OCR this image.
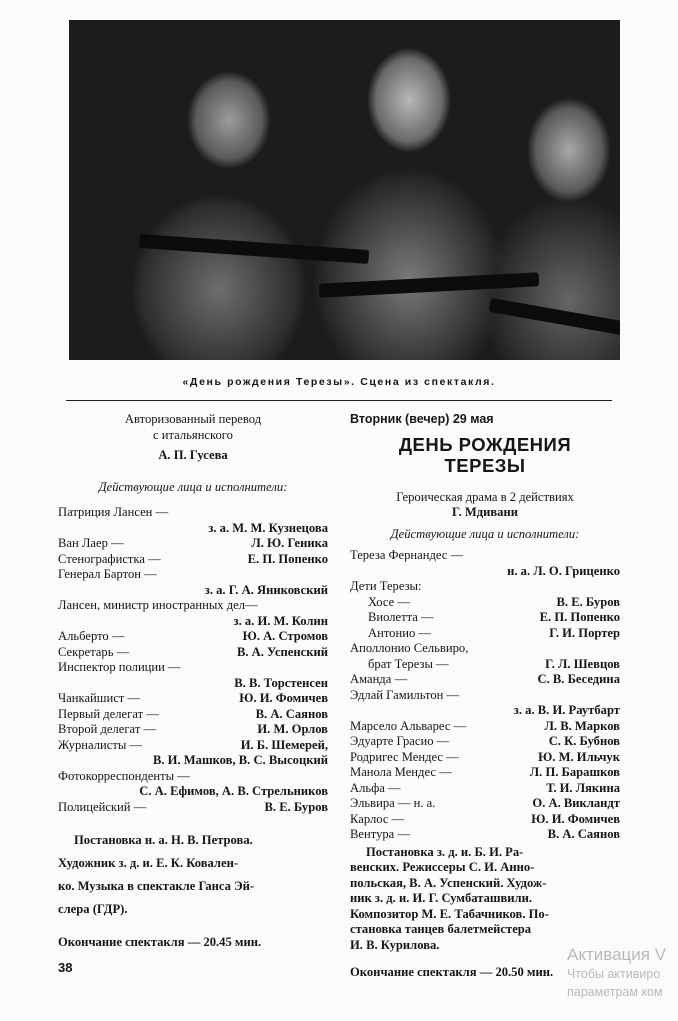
«День рождения Терезы». Сцена из спектакля.
Авторизованный перевод
с итальянского
А. П. Гусева
Действующие лица и исполнители:
Патриция Лансен —
з. а. М. М. Кузнецова
Ван Лаер —	Л. Ю. Геника
Стенографистка —	Е. П. Попенко
Генерал Бартон —
з. а. Г. А. Яниковский
Лансен, министр иностранных дел—
з. а. И. М. Колин
Альберто —	Ю. А. Стромов
Секретарь —	В. А. Успенский
Инспектор полиции —
В. В. Торстенсен
Чанкайшист —	Ю. И. Фомичев
Первый делегат —	В. А. Саянов
Второй делегат —	И. М. Орлов
Журналисты —	И. Б. Шемерей,
В. И. Машков, В. С. Высоцкий
Фотокорреспонденты —
С. А. Ефимов, А. В. Стрельников
Полицейский —	В. Е. Буров
Постановка н. а. Н. В. Петрова.
Художник з. д. и. Е. К. Ковален-
ко. Музыка в спектакле Ганса Эй-
слера (ГДР).
Окончание спектакля — 20.45 мин.
Вторник (вечер) 29 мая
ДЕНЬ РОЖДЕНИЯ
ТЕРЕЗЫ
Героическая драма в 2 действиях
Г. Мдивани
Действующие лица и исполнители:
Тереза Фернандес —
н. а. Л. О. Гриценко
Дети Терезы:
Хосе —	В. Е. Буров
Виолетта —	Е. П. Попенко
Антонио —	Г. И. Портер
Аполлонио Сельвиро,
брат Терезы —	Г. Л. Шевцов
Аманда —	С. В. Беседина
Эдлай Гамильтон —
з. а. В. И. Раутбарт
Марсело Альварес —	Л. В. Марков
Эдуарте Грасио —	С. К. Бубнов
Родригес Мендес —	Ю. М. Ильчук
Манола Мендес —	Л. П. Барашков
Альфа —	Т. И. Лякина
Эльвира — н. а.	О. А. Викландт
Карлос —	Ю. И. Фомичев
Вентура —	В. А. Саянов
Постановка з. д. и. Б. И. Ра-
венских. Режиссеры С. И. Анно-
польская, В. А. Успенский. Худож-
ник з. д. и. И. Г. Сумбаташвили.
Композитор М. Е. Табачников. По-
становка танцев балетмейстера
И. В. Курилова.
Окончание спектакля — 20.50 мин.
38
Активация V
Чтобы активиро
параметрам ком
